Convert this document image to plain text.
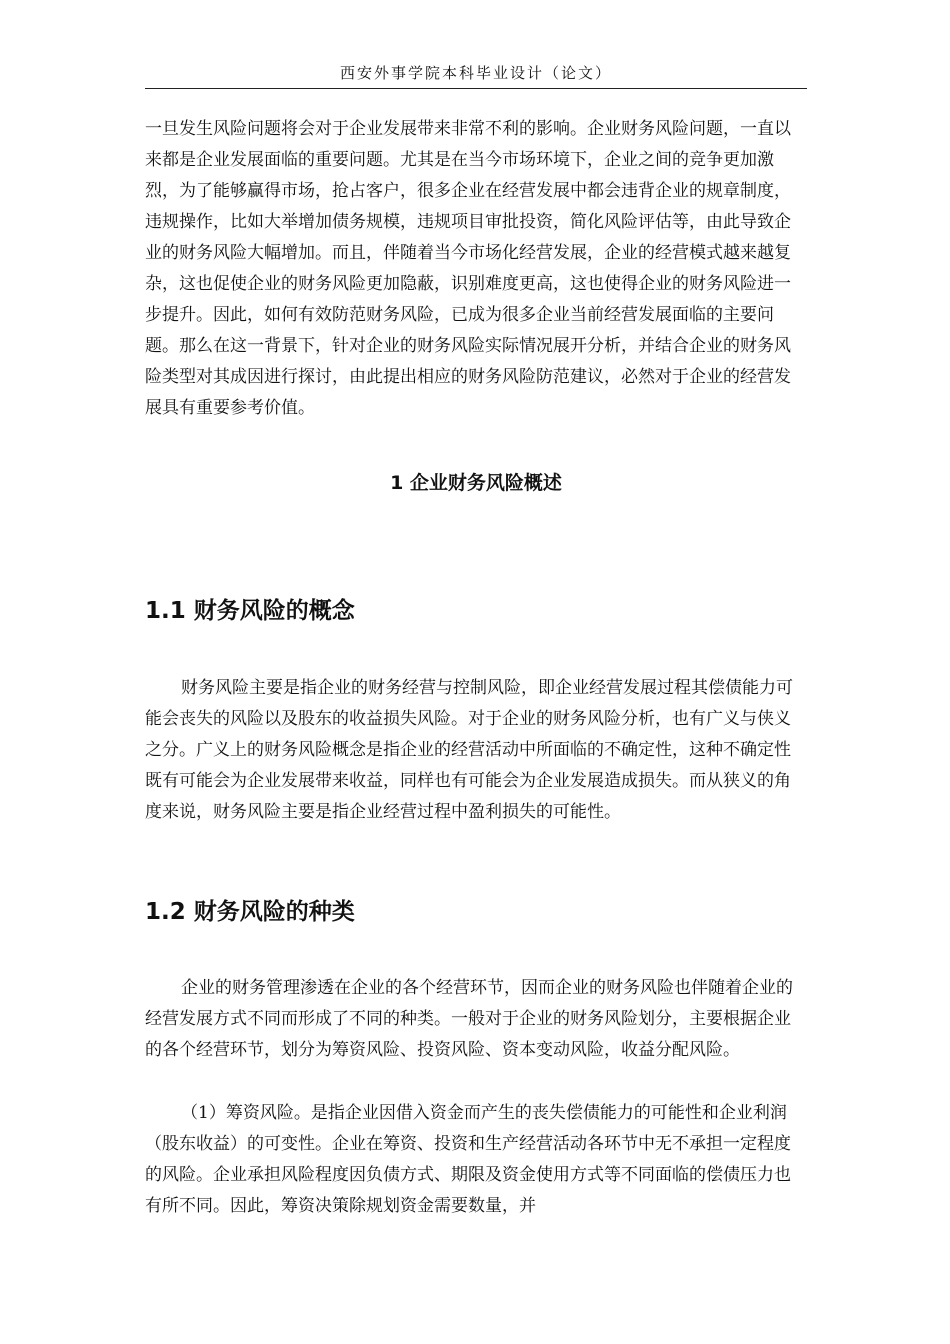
西安外事学院本科毕业设计（论文）

一旦发生风险问题将会对于企业发展带来非常不利的影响。企业财务风险问题，一直以来都是企业发展面临的重要问题。尤其是在当今市场环境下，企业之间的竞争更加激烈，为了能够赢得市场，抢占客户，很多企业在经营发展中都会违背企业的规章制度，违规操作，比如大举增加债务规模，违规项目审批投资，简化风险评估等，由此导致企业的财务风险大幅增加。而且，伴随着当今市场化经营发展，企业的经营模式越来越复杂，这也促使企业的财务风险更加隐蔽，识别难度更高，这也使得企业的财务风险进一步提升。因此，如何有效防范财务风险，已成为很多企业当前经营发展面临的主要问题。那么在这一背景下，针对企业的财务风险实际情况展开分析，并结合企业的财务风险类型对其成因进行探讨，由此提出相应的财务风险防范建议，必然对于企业的经营发展具有重要参考价值。

1 企业财务风险概述
1.1 财务风险的概念

财务风险主要是指企业的财务经营与控制风险，即企业经营发展过程其偿债能力可能会丧失的风险以及股东的收益损失风险。对于企业的财务风险分析，也有广义与侠义之分。广义上的财务风险概念是指企业的经营活动中所面临的不确定性，这种不确定性既有可能会为企业发展带来收益，同样也有可能会为企业发展造成损失。而从狭义的角度来说，财务风险主要是指企业经营过程中盈利损失的可能性。

1.2 财务风险的种类

企业的财务管理渗透在企业的各个经营环节，因而企业的财务风险也伴随着企业的经营发展方式不同而形成了不同的种类。一般对于企业的财务风险划分，主要根据企业的各个经营环节，划分为筹资风险、投资风险、资本变动风险，收益分配风险。

（1）筹资风险。是指企业因借入资金而产生的丧失偿债能力的可能性和企业利润（股东收益）的可变性。企业在筹资、投资和生产经营活动各环节中无不承担一定程度的风险。企业承担风险程度因负债方式、期限及资金使用方式等不同面临的偿债压力也有所不同。因此，筹资决策除规划资金需要数量，并
